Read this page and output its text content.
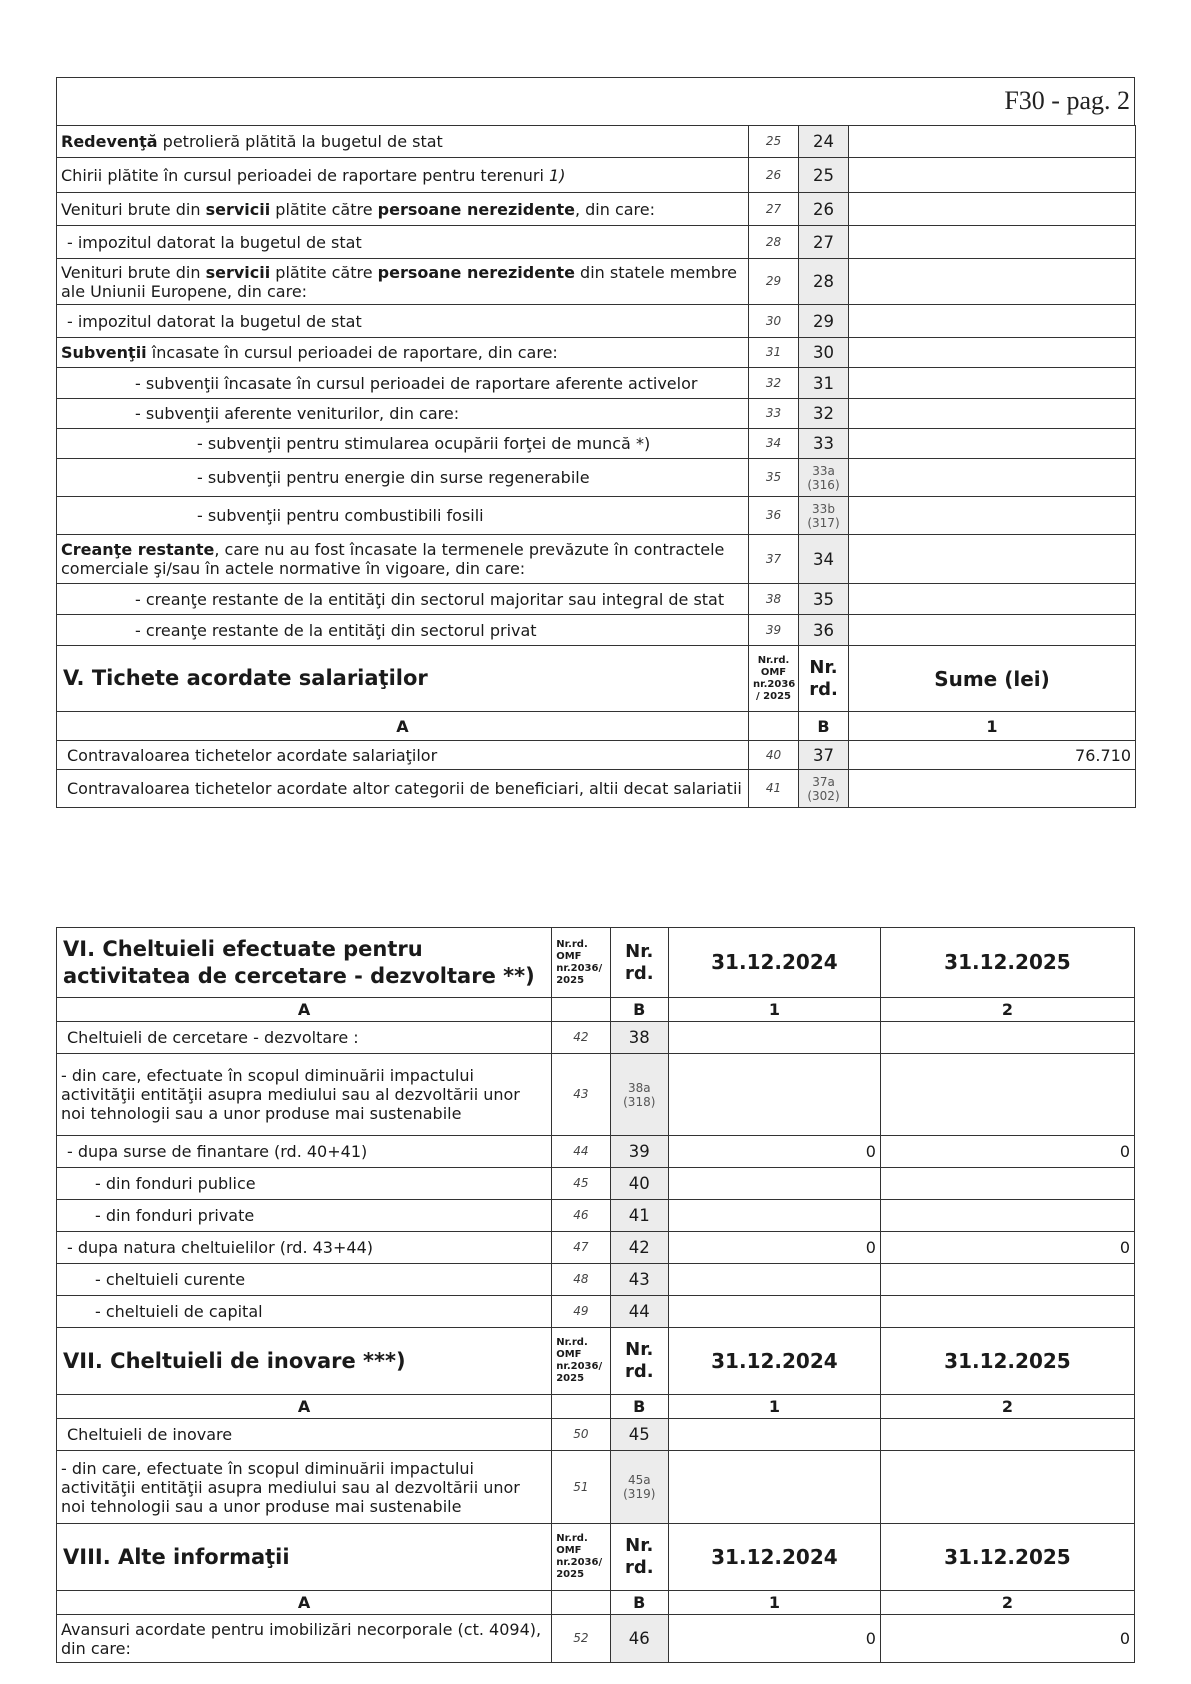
F30 - pag. 2
Redevenţă petrolieră plătită la bugetul de stat	25	24	

Chirii plătite în cursul perioadei de raportare pentru terenuri 1)	26	25	

Venituri brute din servicii plătite către persoane nerezidente, din care:	27	26	

- impozitul datorat la bugetul de stat	28	27	

Venituri brute din servicii plătite către persoane nerezidente din statele membre ale Uniunii Europene, din care:	29	28	

- impozitul datorat la bugetul de stat	30	29	

Subvenţii încasate în cursul perioadei de raportare, din care:	31	30	

- subvenţii încasate în cursul perioadei de raportare aferente activelor	32	31	

- subvenţii aferente veniturilor, din care:	33	32	

- subvenţii pentru stimularea ocupării forţei de muncă *)	34	33	

- subvenţii pentru energie din surse regenerabile	35	33a
(316)	

- subvenţii pentru combustibili fosili	36	33b
(317)	

Creanţe restante, care nu au fost încasate la termenele prevăzute în contractele comerciale şi/sau în actele normative în vigoare, din care:	37	34	

- creanţe restante de la entităţi din sectorul majoritar sau integral de stat	38	35	

- creanţe restante de la entităţi din sectorul privat	39	36	

V. Tichete acordate salariaţilor	Nr.rd. OMF nr.2036 / 2025	Nr. rd.	Sume (lei)
A		B	1
Contravaloarea tichetelor acordate salariaţilor	40	37	76.710
Contravaloarea tichetelor acordate altor categorii de beneficiari, altii decat salariatii	41	37a
(302)	

VI. Cheltuieli efectuate pentru activitatea de cercetare - dezvoltare **)	Nr.rd. OMF nr.2036/ 2025	Nr. rd.	31.12.2024	31.12.2025
A		B	1	2
Cheltuieli de cercetare - dezvoltare :	42	38		

- din care, efectuate în scopul diminuării impactului activităţii entităţii asupra mediului sau al dezvoltării unor noi tehnologii sau a unor produse mai sustenabile	43	38a
(318)		

- dupa surse de finantare (rd. 40+41)	44	39	0	0
- din fonduri publice	45	40		

- din fonduri private	46	41		

- dupa natura cheltuielilor (rd. 43+44)	47	42	0	0
- cheltuieli curente	48	43		

- cheltuieli de capital	49	44		

VII. Cheltuieli de inovare ***)	Nr.rd. OMF nr.2036/ 2025	Nr. rd.	31.12.2024	31.12.2025
A		B	1	2
Cheltuieli de inovare	50	45		

- din care, efectuate în scopul diminuării impactului activităţii entităţii asupra mediului sau al dezvoltării unor noi tehnologii sau a unor produse mai sustenabile	51	45a
(319)		

VIII. Alte informaţii	Nr.rd. OMF nr.2036/ 2025	Nr. rd.	31.12.2024	31.12.2025
A		B	1	2
Avansuri acordate pentru imobilizări necorporale (ct. 4094), din care:	52	46	0	0
